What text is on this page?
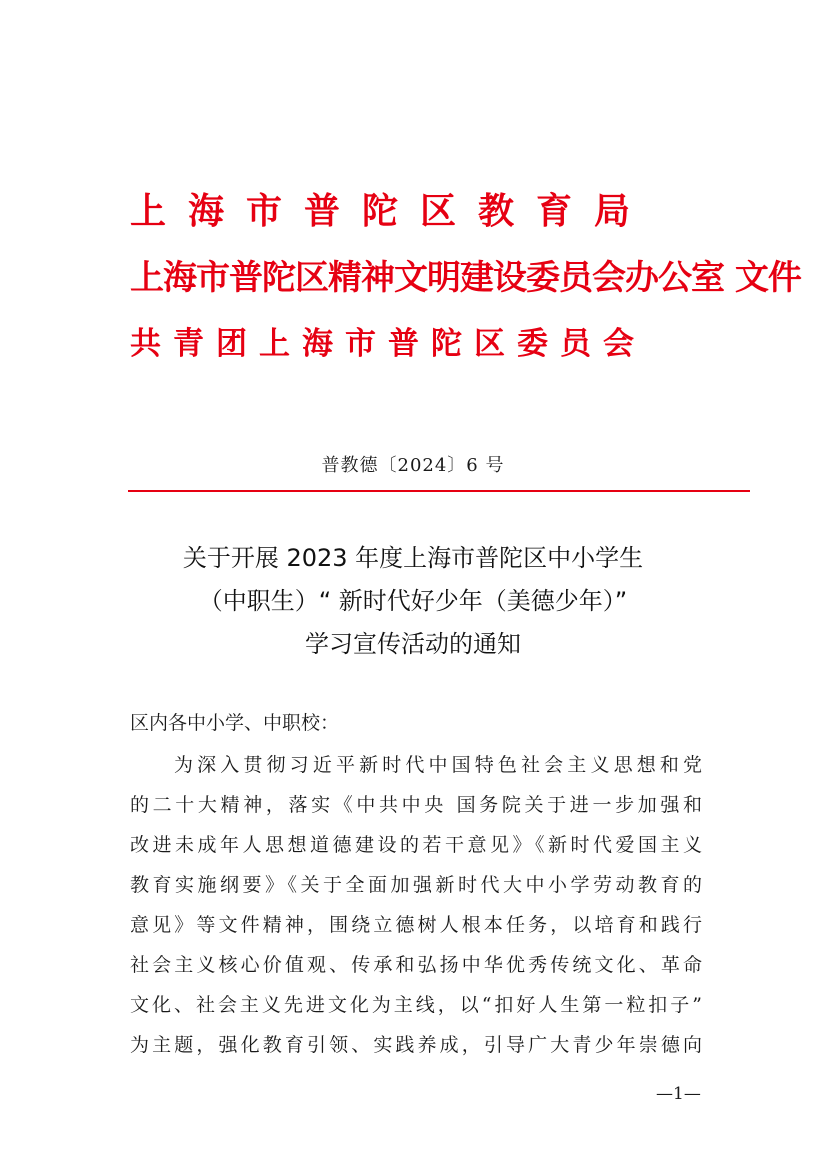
上海市普陀区教育局
上海市普陀区精神文明建设委员会办公室 文件
共青团上海市普陀区委员会

普教德〔2024〕6 号

关于开展 2023 年度上海市普陀区中小学生
（中职生）“ 新时代好少年（美德少年）”
学习宣传活动的通知

区内各中小学、中职校：

为深入贯彻习近平新时代中国特色社会主义思想和党
的二十大精神，落实《中共中央 国务院关于进一步加强和
改进未成年人思想道德建设的若干意见》《新时代爱国主义
教育实施纲要》《关于全面加强新时代大中小学劳动教育的
意见》等文件精神，围绕立德树人根本任务，以培育和践行
社会主义核心价值观、传承和弘扬中华优秀传统文化、革命
文化、社会主义先进文化为主线，以“扣好人生第一粒扣子”
为主题，强化教育引领、实践养成，引导广大青少年崇德向

—1—
